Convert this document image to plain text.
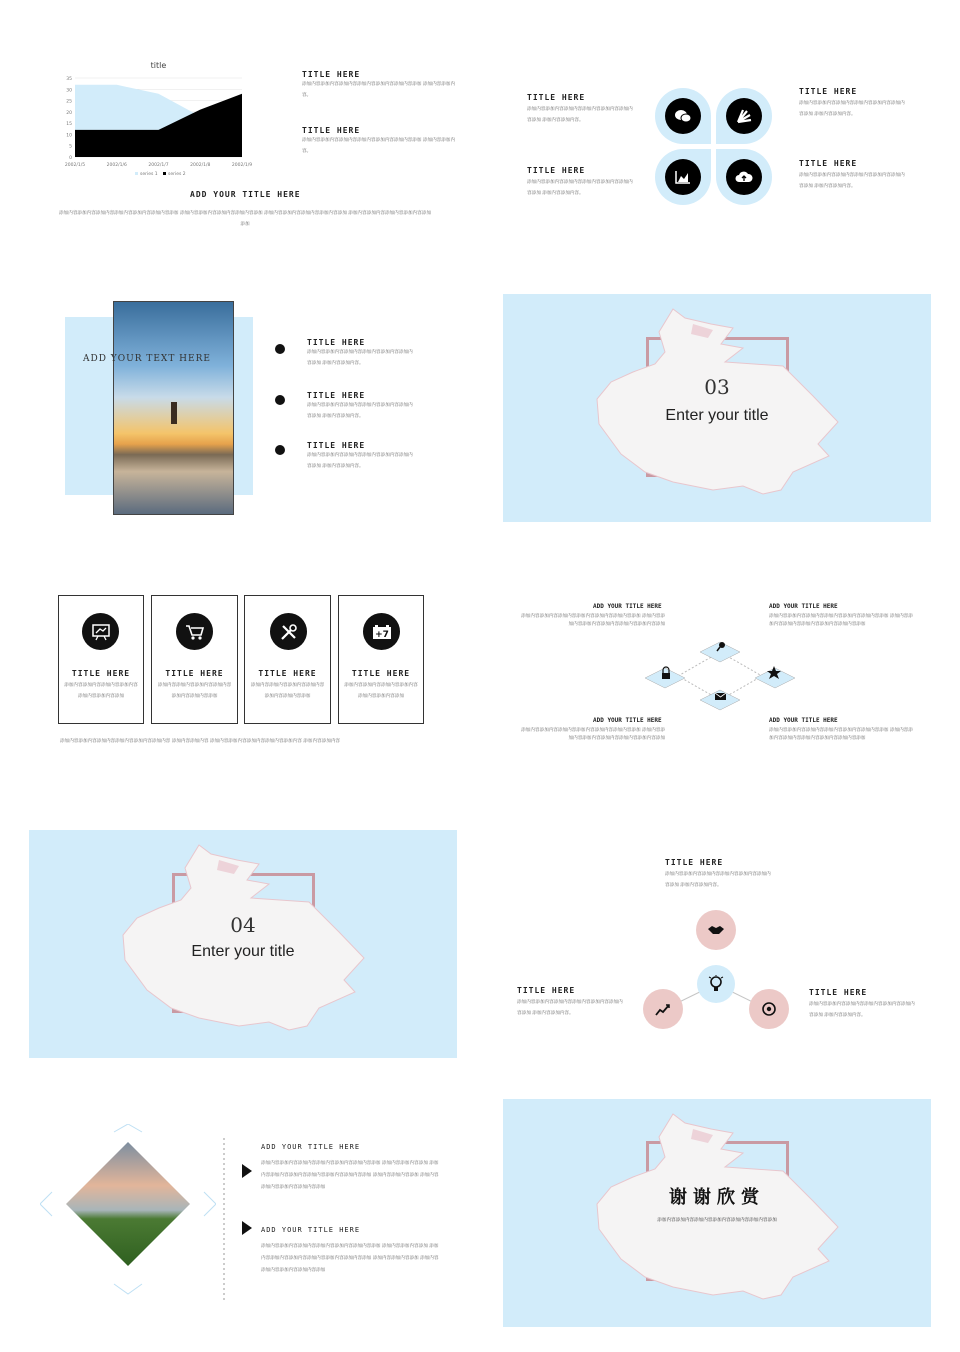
title
35
30
25
20
15
10
5
0
2002/1/5	2002/1/6	2002/1/7	2002/1/8	2002/1/9
series 1 series 2
TITLE HERE
添加内容添加内容添加内容添加内容添加内容添加内容添加 添加内容添加内容。
TITLE HERE
添加内容添加内容添加内容添加内容添加内容添加内容添加 添加内容添加内容。
ADD YOUR TITLE HERE
添加内容添加内容添加内容添加内容添加内容添加内容添加 添加内容添加内容添加内容添加内容添加 添加内容添加内容添加内容添加内容添加 添加内容添加内容添加内容添加内容添加 添加
TITLE HERE
添加内容添加内容添加内容添加内容添加内容添加内容添加 添加内容添加内容。
TITLE HERE
添加内容添加内容添加内容添加内容添加内容添加内容添加 添加内容添加内容。
TITLE HERE
添加内容添加内容添加内容添加内容添加内容添加内容添加 添加内容添加内容。
TITLE HERE
添加内容添加内容添加内容添加内容添加内容添加内容添加 添加内容添加内容。
ADD YOUR TEXT HERE
TITLE HERE
添加内容添加内容添加内容添加内容添加内容添加内容添加 添加内容添加内容。
TITLE HERE
添加内容添加内容添加内容添加内容添加内容添加内容添加 添加内容添加内容。
TITLE HERE
添加内容添加内容添加内容添加内容添加内容添加内容添加 添加内容添加内容。
03
Enter your title
+7
TITLE HERE
添加内容添加内容添加内容添加内容添加内容添加内容添加
TITLE HERE
添加内容添加内容添加内容添加内容添加内容添加内容添加
TITLE HERE
添加内容添加内容添加内容添加内容添加内容添加内容添加
TITLE HERE
添加内容添加内容添加内容添加内容添加内容添加内容添加
添加内容添加内容添加内容添加内容添加内容添加内容 添加内容添加内容 添加内容添加内容添加内容添加内容添加内容 添加内容添加内容
ADD YOUR TITLE HERE
添加内容添加内容添加内容添加内容添加内容添加内容添加 添加内容添加内容添加内容添加内容添加内容添加内容添加
ADD YOUR TITLE HERE
添加内容添加内容添加内容添加内容添加内容添加内容添加 添加内容添加内容添加内容添加内容添加内容添加内容添加
ADD YOUR TITLE HERE
添加内容添加内容添加内容添加内容添加内容添加内容添加 添加内容添加内容添加内容添加内容添加内容添加内容添加
ADD YOUR TITLE HERE
添加内容添加内容添加内容添加内容添加内容添加内容添加 添加内容添加内容添加内容添加内容添加内容添加内容添加
04
Enter your title
TITLE HERE
添加内容添加内容添加内容添加内容添加内容添加内容添加 添加内容添加内容。
TITLE HERE
添加内容添加内容添加内容添加内容添加内容添加内容添加 添加内容添加内容。
TITLE HERE
添加内容添加内容添加内容添加内容添加内容添加内容添加 添加内容添加内容。
ADD YOUR TITLE HERE
添加内容添加内容添加内容添加内容添加内容添加内容添加 添加内容添加内容添加 添加内容添加内容添加内容添加内容添加内容添加内容添加 添加内容添加内容添加 添加内容添加内容添加内容添加内容添加
ADD YOUR TITLE HERE
添加内容添加内容添加内容添加内容添加内容添加内容添加 添加内容添加内容添加 添加内容添加内容添加内容添加内容添加内容添加内容添加 添加内容添加内容添加 添加内容添加内容添加内容添加内容添加
谢谢欣赏
添加内容添加内容添加内容添加内容添加内容添加内容添加
